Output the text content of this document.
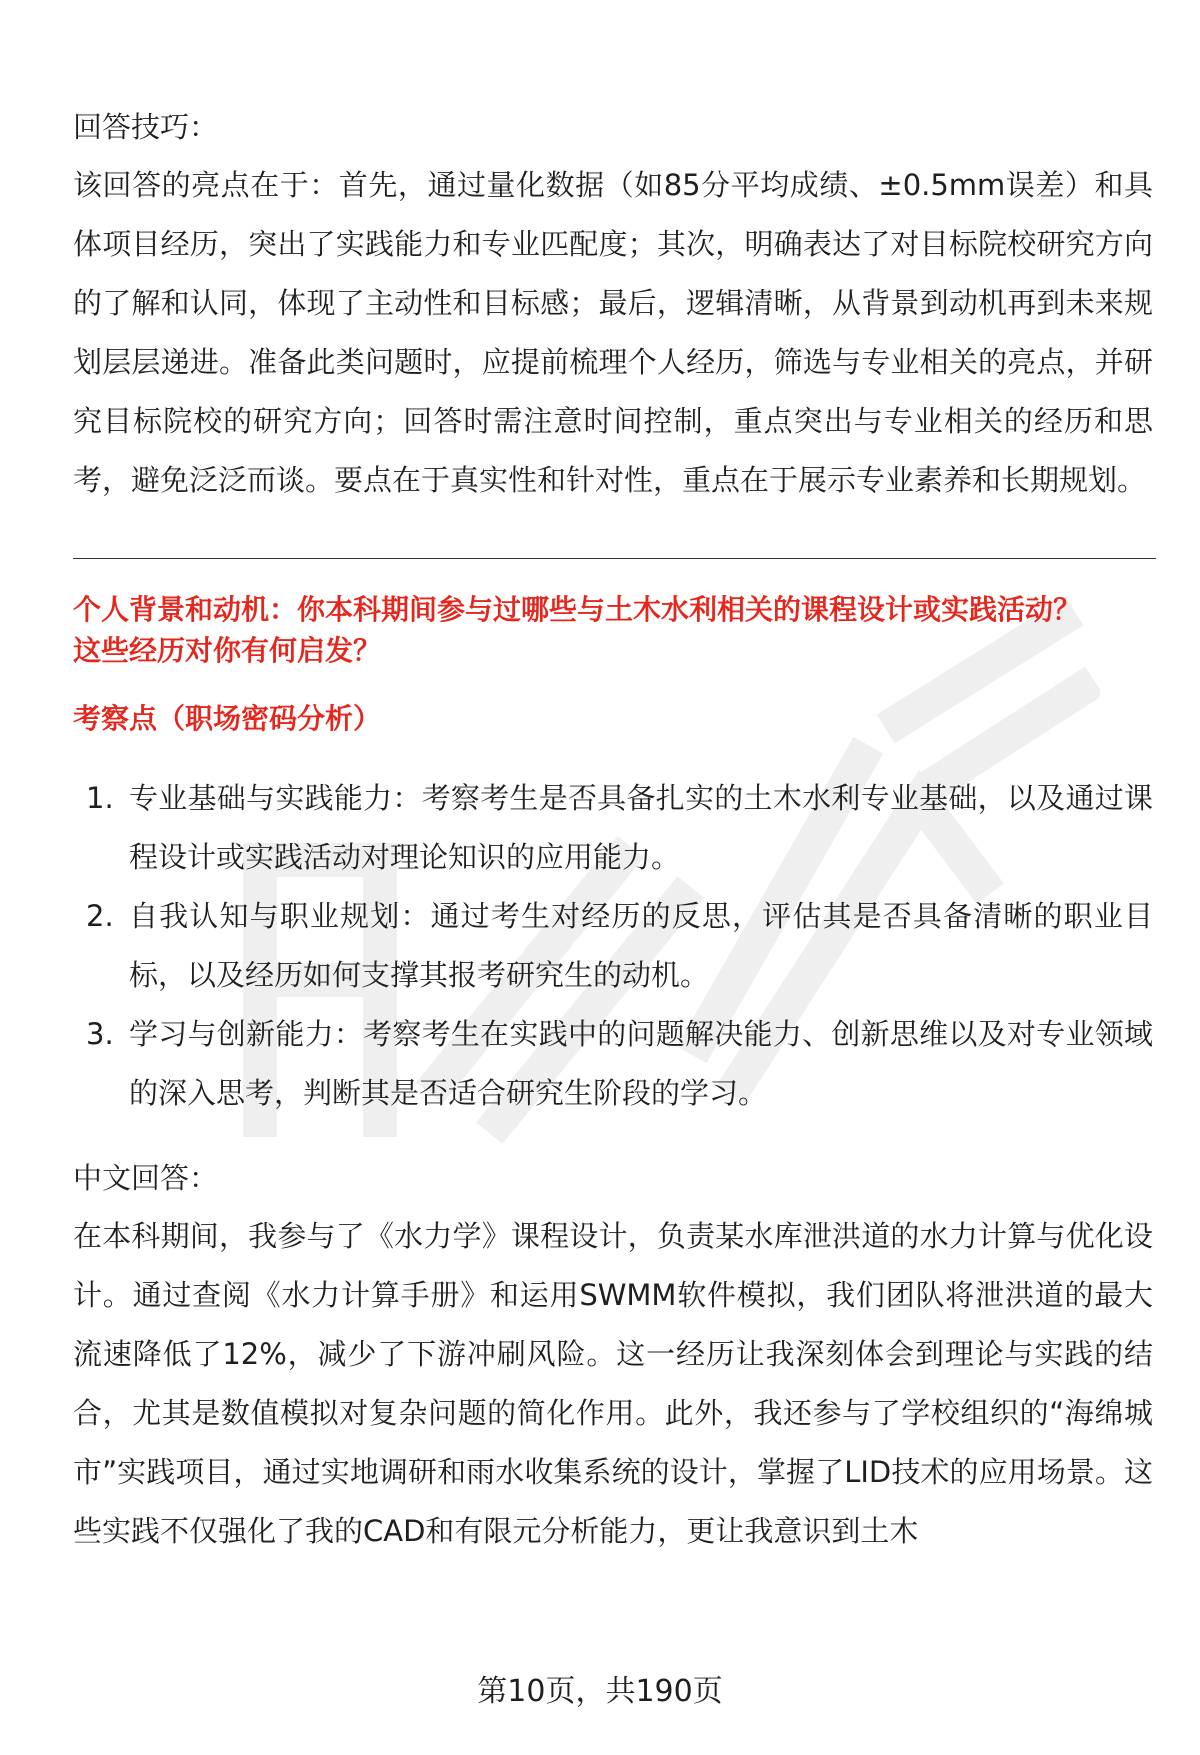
回答技巧：

该回答的亮点在于：首先，通过量化数据（如85分平均成绩、±0.5mm误差）和具体项目经历，突出了实践能力和专业匹配度；其次，明确表达了对目标院校研究方向的了解和认同，体现了主动性和目标感；最后，逻辑清晰，从背景到动机再到未来规划层层递进。准备此类问题时，应提前梳理个人经历，筛选与专业相关的亮点，并研究目标院校的研究方向；回答时需注意时间控制，重点突出与专业相关的经历和思考，避免泛泛而谈。要点在于真实性和针对性，重点在于展示专业素养和长期规划。

个人背景和动机：你本科期间参与过哪些与土木水利相关的课程设计或实践活动？
这些经历对你有何启发？
考察点（职场密码分析）
1. 专业基础与实践能力：考察考生是否具备扎实的土木水利专业基础，以及通过课程设计或实践活动对理论知识的应用能力。
2. 自我认知与职业规划：通过考生对经历的反思，评估其是否具备清晰的职业目标，以及经历如何支撑其报考研究生的动机。
3. 学习与创新能力：考察考生在实践中的问题解决能力、创新思维以及对专业领域的深入思考，判断其是否适合研究生阶段的学习。

中文回答：

在本科期间，我参与了《水力学》课程设计，负责某水库泄洪道的水力计算与优化设计。通过查阅《水力计算手册》和运用SWMM软件模拟，我们团队将泄洪道的最大流速降低了12%，减少了下游冲刷风险。这一经历让我深刻体会到理论与实践的结合，尤其是数值模拟对复杂问题的简化作用。此外，我还参与了学校组织的“海绵城市”实践项目，通过实地调研和雨水收集系统的设计，掌握了LID技术的应用场景。这些实践不仅强化了我的CAD和有限元分析能力，更让我意识到土木

第10页，共190页
